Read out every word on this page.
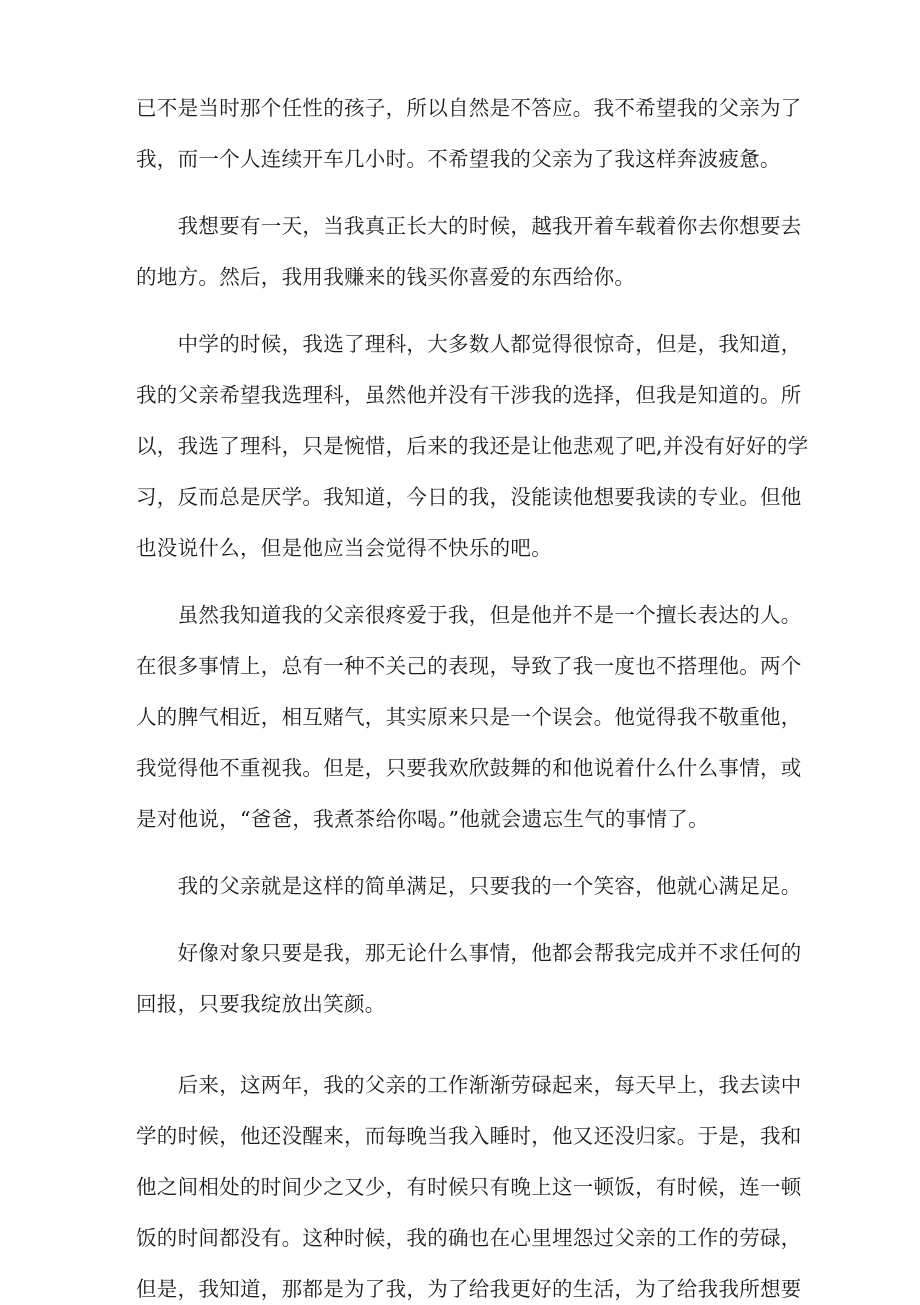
已不是当时那个任性的孩子，所以自然是不答应。我不希望我的父亲为了

我，而一个人连续开车几小时。不希望我的父亲为了我这样奔波疲惫。

　　我想要有一天，当我真正长大的时候，越我开着车载着你去你想要去

的地方。然后，我用我赚来的钱买你喜爱的东西给你。

　　中学的时候，我选了理科，大多数人都觉得很惊奇，但是，我知道，

我的父亲希望我选理科，虽然他并没有干涉我的选择，但我是知道的。所

以，我选了理科，只是惋惜，后来的我还是让他悲观了吧,并没有好好的学

习，反而总是厌学。我知道，今日的我，没能读他想要我读的专业。但他

也没说什么，但是他应当会觉得不快乐的吧。

　　虽然我知道我的父亲很疼爱于我，但是他并不是一个擅长表达的人。

在很多事情上，总有一种不关己的表现，导致了我一度也不搭理他。两个

人的脾气相近，相互赌气，其实原来只是一个误会。他觉得我不敬重他，

我觉得他不重视我。但是，只要我欢欣鼓舞的和他说着什么什么事情，或

是对他说，“爸爸，我煮茶给你喝。”他就会遗忘生气的事情了。

　　我的父亲就是这样的简单满足，只要我的一个笑容，他就心满足足。

　　好像对象只要是我，那无论什么事情，他都会帮我完成并不求任何的

回报，只要我绽放出笑颜。

　　后来，这两年，我的父亲的工作渐渐劳碌起来，每天早上，我去读中

学的时候，他还没醒来，而每晚当我入睡时，他又还没归家。于是，我和

他之间相处的时间少之又少，有时候只有晚上这一顿饭，有时候，连一顿

饭的时间都没有。这种时候，我的确也在心里埋怨过父亲的工作的劳碌，

但是，我知道，那都是为了我，为了给我更好的生活，为了给我我所想要
